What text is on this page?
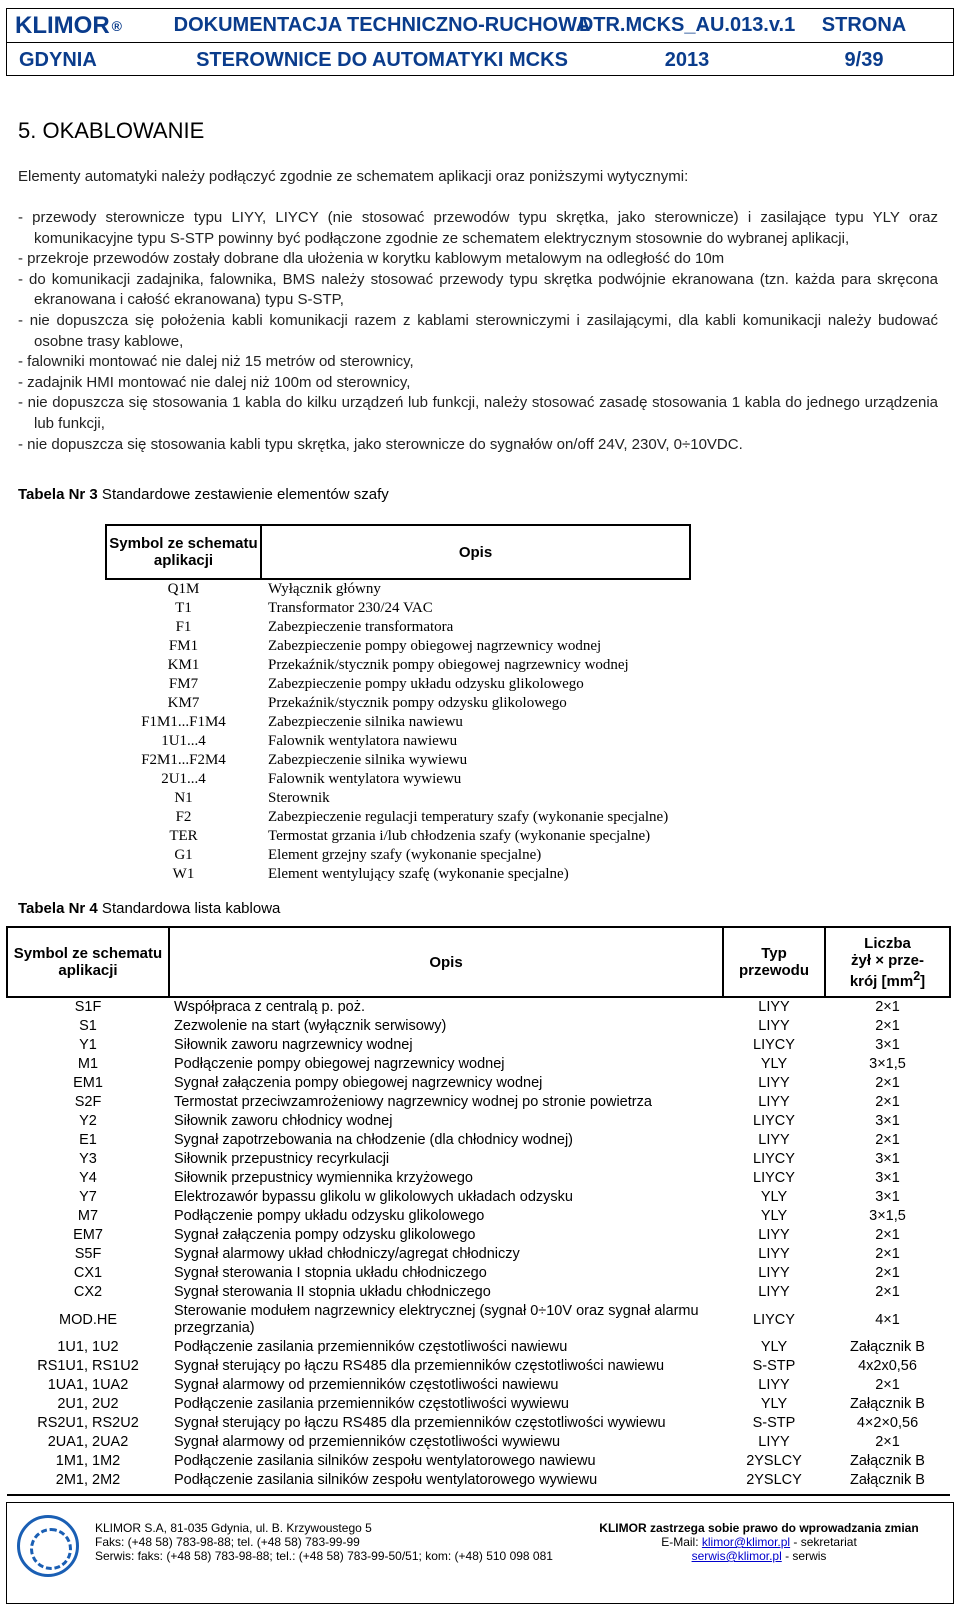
KLIMOR ®	DOKUMENTACJA TECHNICZNO-RUCHOWA
DTR.MCKS_AU.013.v.1	STRONA
GDYNIA	STEROWNICE DO AUTOMATYKI MCKS	2013	9/39
5. OKABLOWANIE
Elementy automatyki należy podłączyć zgodnie ze schematem aplikacji oraz poniższymi wytycznymi:

- przewody sterownicze typu LIYY, LIYCY (nie stosować przewodów typu skrętka, jako sterownicze) i zasilające typu YLY oraz komunikacyjne typu S-STP powinny być podłączone zgodnie ze schematem elektrycznym stosownie do wybranej aplikacji,

- przekroje przewodów zostały dobrane dla ułożenia w korytku kablowym metalowym na odległość do 10m

- do komunikacji zadajnika, falownika, BMS należy stosować przewody typu skrętka podwójnie ekranowana (tzn. każda para skręcona ekranowana i całość ekranowana) typu S-STP,

- nie dopuszcza się położenia kabli komunikacji razem z kablami sterowniczymi i zasilającymi, dla kabli komunikacji należy budować osobne trasy kablowe,

- falowniki montować nie dalej niż 15 metrów od sterownicy,

- zadajnik HMI montować nie dalej niż 100m od sterownicy,

- nie dopuszcza się stosowania 1 kabla do kilku urządzeń lub funkcji, należy stosować zasadę stosowania 1 kabla do jednego urządzenia lub funkcji,

- nie dopuszcza się stosowania kabli typu skrętka, jako sterownicze do sygnałów on/off 24V, 230V, 0÷10VDC.

Tabela Nr 3 Standardowe zestawienie elementów szafy
Symbol ze schematu aplikacji	Opis
Q1M	Wyłącznik główny
T1	Transformator 230/24 VAC
F1	Zabezpieczenie transformatora
FM1	Zabezpieczenie pompy obiegowej nagrzewnicy wodnej
KM1	Przekaźnik/stycznik pompy obiegowej nagrzewnicy wodnej
FM7	Zabezpieczenie pompy układu odzysku glikolowego
KM7	Przekaźnik/stycznik pompy odzysku glikolowego
F1M1...F1M4	Zabezpieczenie silnika nawiewu
1U1...4	Falownik wentylatora nawiewu
F2M1...F2M4	Zabezpieczenie silnika wywiewu
2U1...4	Falownik wentylatora wywiewu
N1	Sterownik
F2	Zabezpieczenie regulacji temperatury szafy (wykonanie specjalne)
TER	Termostat grzania i/lub chłodzenia szafy (wykonanie specjalne)
G1	Element grzejny szafy (wykonanie specjalne)
W1	Element wentylujący szafę (wykonanie specjalne)
Tabela Nr 4 Standardowa lista kablowa
Symbol ze schematu aplikacji	Opis	Typ przewodu	Liczba
żył × prze-
krój $[mm^2]$
S1F	Współpraca z centralą p. poż.	LIYY	2×1
S1	Zezwolenie na start (wyłącznik serwisowy)	LIYY	2×1
Y1	Siłownik zaworu nagrzewnicy wodnej	LIYCY	3×1
M1	Podłączenie pompy obiegowej nagrzewnicy wodnej	YLY	3×1,5
EM1	Sygnał załączenia pompy obiegowej nagrzewnicy wodnej	LIYY	2×1
S2F	Termostat przeciwzamrożeniowy nagrzewnicy wodnej po stronie powietrza	LIYY	2×1
Y2	Siłownik zaworu chłodnicy wodnej	LIYCY	3×1
E1	Sygnał zapotrzebowania na chłodzenie (dla chłodnicy wodnej)	LIYY	2×1
Y3	Siłownik przepustnicy recyrkulacji	LIYCY	3×1
Y4	Siłownik przepustnicy wymiennika krzyżowego	LIYCY	3×1
Y7	Elektrozawór bypassu glikolu w glikolowych układach odzysku	YLY	3×1
M7	Podłączenie pompy układu odzysku glikolowego	YLY	3×1,5
EM7	Sygnał załączenia pompy odzysku glikolowego	LIYY	2×1
S5F	Sygnał alarmowy układ chłodniczy/agregat chłodniczy	LIYY	2×1
CX1	Sygnał sterowania I stopnia układu chłodniczego	LIYY	2×1
CX2	Sygnał sterowania II stopnia układu chłodniczego	LIYY	2×1
MOD.HE	Sterowanie modułem nagrzewnicy elektrycznej (sygnał 0÷10V oraz sygnał alarmu przegrzania)	LIYCY	4×1
1U1, 1U2	Podłączenie zasilania przemienników częstotliwości nawiewu	YLY	Załącznik B
RS1U1, RS1U2	Sygnał sterujący po łączu RS485 dla przemienników częstotliwości nawiewu	S-STP	4x2x0,56
1UA1, 1UA2	Sygnał alarmowy od przemienników częstotliwości nawiewu	LIYY	2×1
2U1, 2U2	Podłączenie zasilania przemienników częstotliwości wywiewu	YLY	Załącznik B
RS2U1, RS2U2	Sygnał sterujący po łączu RS485 dla przemienników częstotliwości wywiewu	S-STP	4×2×0,56
2UA1, 2UA2	Sygnał alarmowy od przemienników częstotliwości wywiewu	LIYY	2×1
1M1, 1M2	Podłączenie zasilania silników zespołu wentylatorowego nawiewu	2YSLCY	Załącznik B
2M1, 2M2	Podłączenie zasilania silników zespołu wentylatorowego wywiewu	2YSLCY	Załącznik B
KLIMOR S.A, 81-035 Gdynia, ul. B. Krzywoustego 5
Faks: (+48 58) 783-98-88; tel. (+48 58) 783-99-99
Serwis: faks: (+48 58) 783-98-88; tel.: (+48 58) 783-99-50/51; kom: (+48) 510 098 081
KLIMOR zastrzega sobie prawo do wprowadzania zmian
E-Mail: klimor@klimor.pl - sekretariat
serwis@klimor.pl - serwis
